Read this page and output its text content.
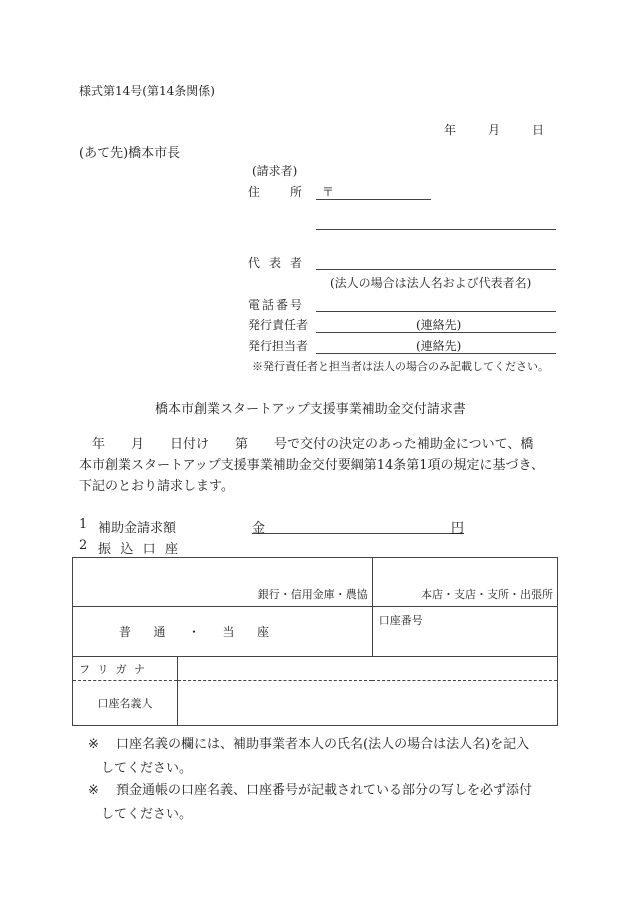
様式第14号(第14条関係)
年	月	日
(あて先)橋本市長
(請求者)
住 所 〒
代 表 者
(法人の場合は法人名および代表者名)
電 話 番 号
発行責任者	(連絡先)
発行担当者	(連絡先)
※発行責任者と担当者は法人の場合のみ記載してください。
橋本市創業スタートアップ支援事業補助金交付請求書
年　　月　　日付け　　第　　号で交付の決定のあった補助金について、橋
本市創業スタートアップ支援事業補助金交付要綱第14条第1項の規定に基づき、
下記のとおり請求します。
1 補助金請求額	金	円
2 振 込 口 座
銀行・信用金庫・農協		本店・支店・支所・出張所

普 通 ・ 当 座		口座番号

フ リ ガ ナ		

口座名義人		
※ 口座名義の欄には、補助事業者本人の氏名(法人の場合は法人名)を記入
してください。
※ 預金通帳の口座名義、口座番号が記載されている部分の写しを必ず添付
してください。
